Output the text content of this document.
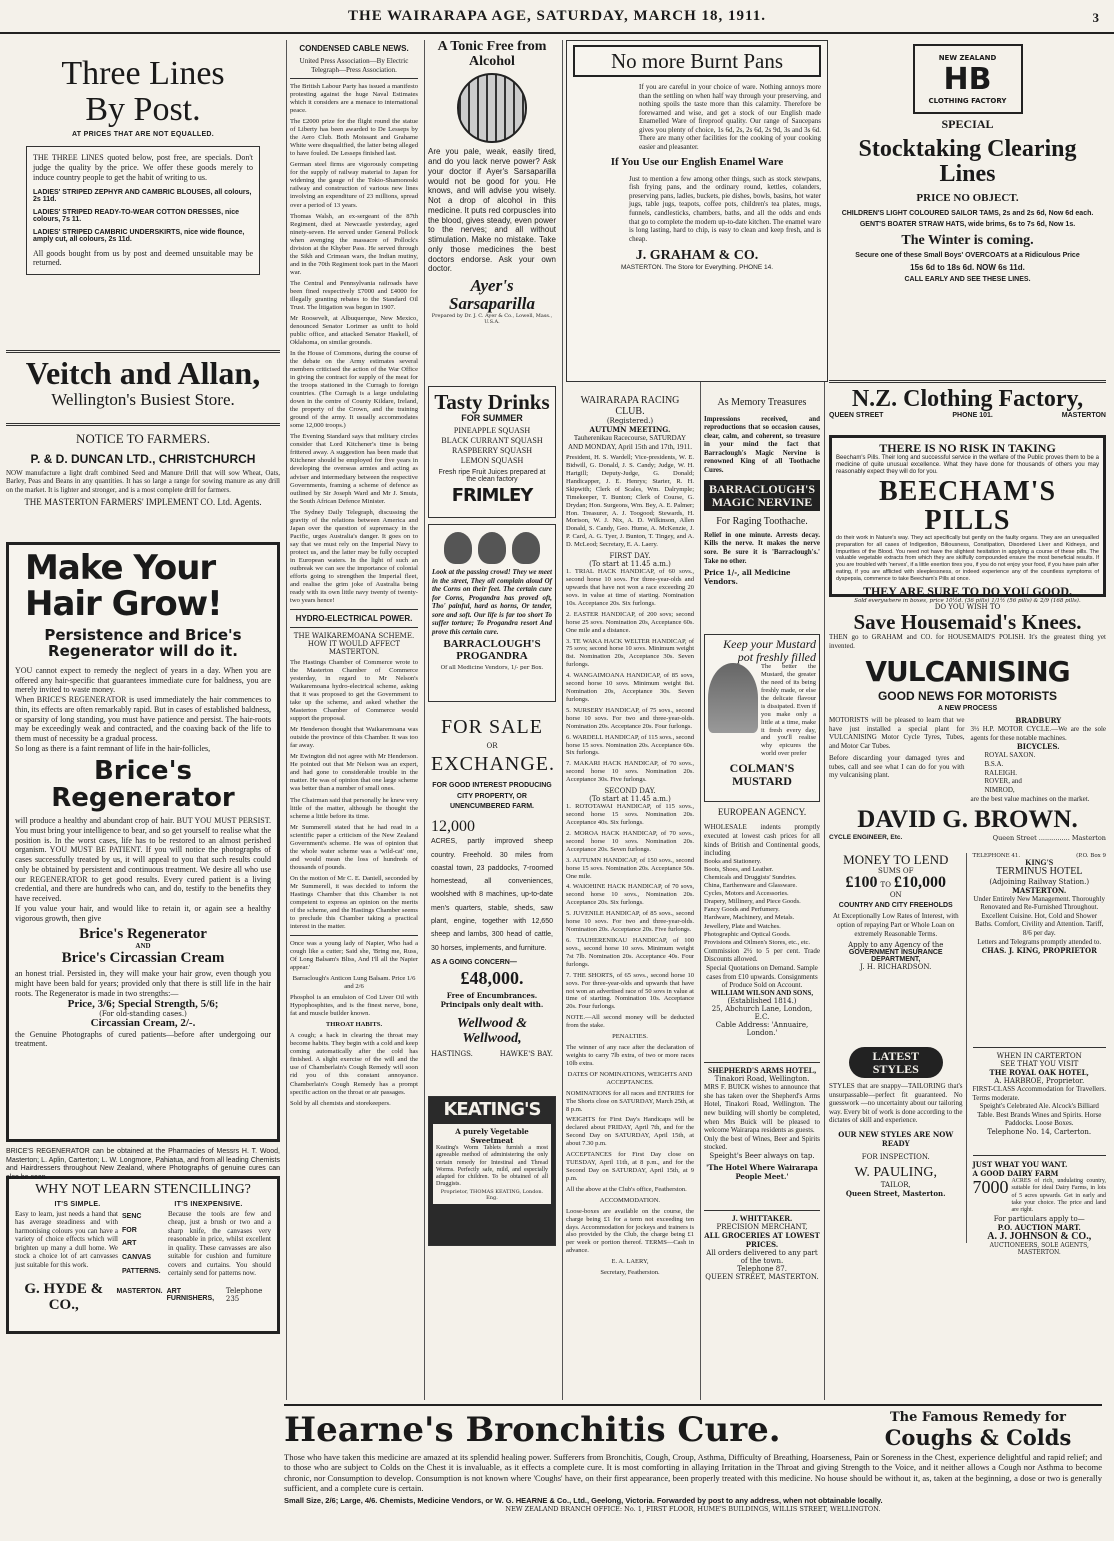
THE WAIRARAPA AGE, SATURDAY, MARCH 18, 1911.	3
Three Lines By Post.
AT PRICES THAT ARE NOT EQUALLED.
THE THREE LINES quoted below, post free, are specials. Don't judge the quality by the price. We offer these goods merely to induce country people to get the habit of writing to us.
LADIES' STRIPED ZEPHYR AND CAMBRIC BLOUSES, all colours, 2s 11d.
LADIES' STRIPED READY-TO-WEAR COTTON DRESSES, nice colours, 7s 11.
LADIES' STRIPED CAMBRIC UNDERSKIRTS, nice wide flounce, amply cut, all colours, 2s 11d.
All goods bought from us by post and deemed unsuitable may be returned.
Veitch and Allan,
Wellington's Busiest Store.
NOTICE TO FARMERS.
P. & D. DUNCAN LTD., CHRISTCHURCH
NOW manufacture a light draft combined Seed and Manure Drill that will sow Wheat, Oats, Barley, Peas and Beans in any quantities. It has so large a range for sowing manure as any drill on the market. It is lighter and stronger, and is a most complete drill for farmers.
THE MASTERTON FARMERS' IMPLEMENT CO. Ltd. Agents.
Make Your Hair Grow!
Persistence and Brice's Regenerator will do it.
YOU cannot expect to remedy the neglect of years in a day. When you are offered any hair-specific that guarantees immediate cure for baldness, you are merely invited to waste money.
When BRICE'S REGENERATOR is used immediately the hair commences to thin, its effects are often remarkably rapid. But in cases of established baldness, or sparsity of long standing, you must have patience and persist. The hair-roots may be exceedingly weak and contracted, and the coaxing back of the life to them must of necessity be a gradual process.
So long as there is a faint remnant of life in the hair-follicles,
Brice's Regenerator
will produce a healthy and abundant crop of hair. BUT YOU MUST PERSIST. You must bring your intelligence to bear, and so get yourself to realise what the position is. In the worst cases, life has to be restored to an almost perished organism. YOU MUST BE PATIENT. If you will notice the photographs of cases successfully treated by us, it will appeal to you that such results could only be obtained by persistent and continuous treatment. We desire all who use our REGENERATOR to get good results. Every cured patient is a living credential, and there are hundreds who can, and do, testify to the benefits they have received.
If you value your hair, and would like to retain it, or again see a healthy vigorous growth, then give
Brice's Regenerator
AND
Brice's Circassian Cream
an honest trial. Persisted in, they will make your hair grow, even though you might have been bald for years; provided only that there is still life in the hair roots. The Regenerator is made in two strengths:—
Price, 3/6; Special Strength, 5/6;
(For old-standing cases.)
Circassian Cream, 2/-.
the Genuine Photographs of cured patients—before after undergoing our treatment.
BRICE'S REGENERATOR can be obtained at the Pharmacies of Messrs H. T. Wood, Masterton; L. Aplin, Carterton; L. W. Longmore, Pahiatua, and from all leading Chemists and Hairdressers throughout New Zealand, where Photographs of genuine cures can also be seen.
WHY NOT LEARN STENCILLING?
IT'S SIMPLE.	IT'S INEXPENSIVE.
Easy to learn, just needs a hand that has average steadiness and with harmonising colours you can have a variety of choice effects which will brighten up many a dull home. We stock a choice lot of art canvasses just suitable for this work.
SENC
FOR
ART
CANVAS
PATTERNS.
Because the tools are few and cheap, just a brush or two and a sharp knife, the canvases very reasonable in price, whilst excellent in quality. These canvasses are also suitable for cushion and furniture covers and curtains. You should certainly send for patterns now.
G. HYDE & CO.,
MASTERTON. ART FURNISHERS,
Telephone 235
CONDENSED CABLE NEWS.
United Press Association—By Electric Telegraph—Press Association.

The British Labour Party has issued a manifesto protesting against the huge Naval Estimates which it considers are a menace to international peace.

The £2000 prize for the flight round the statue of Liberty has been awarded to De Lesseps by the Aero Club. Both Moissant and Grahame White were disqualified, the latter being alleged to have fouled. De Lesseps finished last.

German steel firms are vigorously competing for the supply of railway material to Japan for widening the gauge of the Tokio-Shamonoski railway and construction of various new lines involving an expenditure of 23 millions, spread over a period of 13 years.

Thomas Walsh, an ex-sergeant of the 87th Regiment, died at Newcastle yesterday, aged ninety-seven. He served under General Pollock when avenging the massacre of Pollock's division at the Khyber Pass. He served through the Sikh and Crimean wars, the Indian mutiny, and in the 70th Regiment took part in the Maori war.

The Central and Pennsylvania railroads have been fined respectively £7000 and £4000 for illegally granting rebates to the Standard Oil Trust. The litigation was begun in 1907.

Mr Roosevelt, at Albuquerque, New Mexico, denounced Senator Lorimer as unfit to hold public office, and attacked Senator Haskell, of Oklahoma, on similar grounds.

In the House of Commons, during the course of the debate on the Army estimates several members criticised the action of the War Office in giving the contract for supply of the meat for the troops stationed in the Curragh to foreign countries. (The Curragh is a large undulating down in the centre of County Kildare, Ireland, the property of the Crown, and the training ground of the army. It usually accommodates some 12,000 troops.)

The Evening Standard says that military circles consider that Lord Kitchener's time is being frittered away. A suggestion has been made that Kitchener should be employed for five years in developing the overseas armies and acting as adviser and intermediary between the respective Governments, framing a scheme of defence as outlined by Sir Joseph Ward and Mr J. Smuts, the South African Defence Minister.

The Sydney Daily Telegraph, discussing the gravity of the relations between America and Japan over the question of supremacy in the Pacific, urges Australia's danger. It goes on to say that we must rely on the Imperial Navy to protect us, and the latter may be fully occupied in European waters. In the light of such an outbreak we can see the importance of colonial efforts going to strengthen the Imperial fleet, and realise the grim joke of Australia being ready with its own little navy twenty of twenty-two years hence!

HYDRO-ELECTRICAL POWER.
THE WAIKAREMOANA SCHEME.
HOW IT WOULD AFFECT MASTERTON.

The Hastings Chamber of Commerce wrote to the Masterton Chamber of Commerce yesterday, in regard to Mr Nelson's Waikaremoana hydro-electrical scheme, asking that it was proposed to get the Government to take up the scheme, and asked whether the Masterton Chamber of Commerce would support the proposal.

Mr Henderson thought that Waikaremoana was outside the province of this Chamber. It was too far away.

Mr Ewington did not agree with Mr Henderson. He pointed out that Mr Nelson was an expert, and had gone to considerable trouble in the matter. He was of opinion that one large scheme was better than a number of small ones.

The Chairman said that personally he knew very little of the matter, although he thought the scheme a little before its time.

Mr Summerell stated that he had read in a scientific paper a criticism of the New Zealand Government's scheme. He was of opinion that the whole water scheme was a 'wild-cat' one, and would mean the loss of hundreds of thousands of pounds.

On the motion of Mr C. E. Daniell, seconded by Mr Summerell, it was decided to inform the Hastings Chamber that this Chamber is not competent to express an opinion on the merits of the scheme, and the Hastings Chamber seems to preclude this Chamber taking a practical interest in the matter.

Once was a young lady of Napier, Who had a cough like a cutter; Said she, 'Bring me, Russ, Of Long Balsam's Bliss, And I'll all the Napier appear.'

Barraclough's Anticon Lung Balsam. Price 1/6 and 2/6

Phosphol is an emulsion of Cod Liver Oil with Hypophosphites, and is the finest nerve, bone, fat and muscle builder known.

THROAT HABITS.

A cough; a hack in clearing the throat may become habits. They begin with a cold and keep coming automatically after the cold has finished. A slight exercise of the will and the use of Chamberlain's Cough Remedy will soon rid you of this constant annoyance. Chamberlain's Cough Remedy has a prompt specific action on the throat or air passages.

Sold by all chemists and storekeepers.

A Tonic Free from Alcohol
Are you pale, weak, easily tired, and do you lack nerve power? Ask your doctor if Ayer's Sarsaparilla would not be good for you. He knows, and will advise you wisely. Not a drop of alcohol in this medicine. It puts red corpuscles into the blood, gives steady, even power to the nerves; and all without stimulation. Make no mistake. Take only those medicines the best doctors endorse. Ask your own doctor.
Ayer's Sarsaparilla
Prepared by Dr. J. C. Ayer & Co., Lowell, Mass., U.S.A.
Tasty Drinks
FOR SUMMER
PINEAPPLE SQUASH
BLACK CURRANT SQUASH
RASPBERRY SQUASH
LEMON SQUASH
Fresh ripe Fruit Juices prepared at the clean factory
FRIMLEY
Look at the passing crowd! They we meet in the street, They all complain aloud Of the Corns on their feet. The certain cure for Corns, Progandra has proved oft, Tho' painful, hard as horns, Or tender, sore and soft. Our life is far too short To suffer torture; To Progandra resort And prove this certain cure.
BARRACLOUGH'S PROGANDRA
Of all Medicine Vendors, 1/- per Box.
FOR SALE
OR
EXCHANGE.
FOR GOOD INTEREST PRODUCING CITY PROPERTY, OR UNENCUMBERED FARM.
12,000
ACRES, partly improved sheep country. Freehold. 30 miles from coastal town, 23 paddocks, 7-roomed homestead, all conveniences, woolshed with 8 machines, up-to-date men's quarters, stable, sheds, saw plant, engine, together with 12,650 sheep and lambs, 300 head of cattle, 30 horses, implements, and furniture.
AS A GOING CONCERN—
£48,000.
Free of Encumbrances. Principals only dealt with.
Wellwood & Wellwood,
HASTINGS.	HAWKE'S BAY.
KEATING'S
A purely Vegetable Sweetmeat
Keating's Worm Tablets furnish a most agreeable method of administering the only certain remedy for Intestinal and Thread Worms. Perfectly safe, mild, and especially adapted for children. To be obtained of all Druggists.
Proprietor, THOMAS KEATING, London. Eng.
No more Burnt Pans
If you are careful in your choice of ware. Nothing annoys more than the settling on when half way through your preserving, and nothing spoils the taste more than this calamity. Therefore be forewarned and wise, and get a stock of our English made Enamelled Ware of fireproof quality. Our range of Saucepans gives you plenty of choice, 1s 6d, 2s, 2s 6d, 2s 9d, 3s and 3s 6d. There are many other facilities for the cooking of your cooking easier and pleasanter.
If You Use our English Enamel Ware
Just to mention a few among other things, such as stock stewpans, fish frying pans, and the ordinary round, kettles, colanders, preserving pans, ladles, buckets, pie dishes, bowls, basins, hot water jugs, table jugs, teapots, coffee pots, children's tea plates, mugs, funnels, candlesticks, chambers, baths, and all the odds and ends that go to complete the modern up-to-date kitchen. The enamel ware is long lasting, hard to chip, is easy to clean and keep fresh, and is cheap.
J. GRAHAM & CO.
MASTERTON. The Store for Everything. PHONE 14.
WAIRARAPA RACING CLUB.
(Registered.)
AUTUMN MEETING.
Tauherenikau Racecourse, SATURDAY AND MONDAY, April 15th and 17th, 1911.
President, H. S. Wardell; Vice-presidents, W. E. Bidwill, G. Donald, J. S. Candy; Judge, W. H. Hartgill; Deputy-Judge, G. Donald; Handicapper, J. E. Henrys; Starter, R. H. Skipwith; Clerk of Scales, Wm. Dalrymple; Timekeeper, T. Bunton; Clerk of Course, G. Drydan; Hon. Surgeons, Wm. Bey, A. E. Palmer; Hon. Treasurer, A. J. Toogood; Stewards, H. Morison, W. J. Nix, A. D. Wilkinson, Allen Donald, S. Candy, Geo. Hume, A. McKenzie, J. P. Card, A. G. Tyer, J. Bunton, T. Tingey, and A. D. McLeod; Secretary, E. A. Laery.
FIRST DAY.
(To start at 11.45 a.m.)

1. TRIAL HACK HANDICAP, of 60 sovs., second horse 10 sovs. For three-year-olds and upwards that have not won a race exceeding 20 sovs. in value at time of starting. Nomination 10s. Acceptance 20s. Six furlongs.

2. EASTER HANDICAP, of 200 sovs; second horse 25 sovs. Nomination 20s, Acceptance 60s. One mile and a distance.

3. TE WAKA HACK WELTER HANDICAP, of 75 sovs; second horse 10 sovs. Minimum weight 8st. Nomination 20s, Acceptance 30s. Seven furlongs.

4. WANGAIMOANA HANDICAP, of 85 sovs, second horse 10 sovs. Minimum weight 8st. Nomination 20s, Acceptance 30s. Seven furlongs.

5. NURSERY HANDICAP, of 75 sovs., second horse 10 sovs. For two and three-year-olds. Nomination 20s. Acceptance 20s. Four furlongs.

6. WARDELL HANDICAP, of 115 sovs., second horse 15 sovs. Nomination 20s. Acceptance 60s. Six furlongs.

7. MAKARI HACK HANDICAP, of 70 sovs., second horse 10 sovs. Nomination 20s. Acceptance 30s. Five furlongs.

SECOND DAY.
(To start at 11.45 a.m.)

1. ROTOTAWAI HANDICAP, of 115 sovs., second horse 15 sovs. Nomination 20s. Acceptance 40s. Six furlongs.

2. MOROA HACK HANDICAP, of 70 sovs., second horse 10 sovs. Nomination 20s. Acceptance 20s. Seven furlongs.

3. AUTUMN HANDICAP, of 150 sovs., second horse 15 sovs. Nomination 20s. Acceptance 50s. One mile.

4. WAIOHINE HACK HANDICAP, of 70 sovs, second horse 10 sovs., Nomination 20s. Acceptance 20s. Six furlongs.

5. JUVENILE HANDICAP, of 85 sovs., second horse 10 sovs. For two and three-year-olds. Nomination 20s. Acceptance 20s. Five furlongs.

6. TAUHERENIKAU HANDICAP, of 100 sovs., second horse 10 sovs. Minimum weight 7st 7lb. Nomination 20s. Acceptance 40s. Four furlongs.

7. THE SHORTS, of 65 sovs., second horse 10 sovs. For three-year-olds and upwards that have not won an advertised race of 50 sovs in value at time of starting. Nomination 10s. Acceptance 20s. Four furlongs.

NOTE.—All second money will be deducted from the stake.

PENALTIES.

The winner of any race after the declaration of weights to carry 7lb extra, of two or more races 10lb extra.

DATES OF NOMINATIONS, WEIGHTS AND ACCEPTANCES.

NOMINATIONS for all races and ENTRIES for The Shorts close on SATURDAY, March 25th, at 8 p.m.

WEIGHTS for First Day's Handicaps will be declared about FRIDAY, April 7th, and for the Second Day on SATURDAY, April 15th, at about 7.30 p.m.

ACCEPTANCES for First Day close on TUESDAY, April 11th, at 8 p.m., and for the Second Day on SATURDAY, April 15th, at 9 p.m.

All the above at the Club's office, Featherston.

ACCOMMODATION.

Loose-boxes are available on the course, the charge being £1 for a term not exceeding ten days. Accommodation for jockeys and trainers is also provided by the Club, the charge being £1 per week or portion thereof. TERMS—Cash in advance.

E. A. LAERY,

Secretary, Featherston.

As Memory Treasures
Impressions received, and reproductions that so occasion causes, clear, calm, and coherent, so treasure in your mind the fact that Barraclough's Magic Nervine is renowned King of all Toothache Cures.
BARRACLOUGH'S MAGIC NERVINE
For Raging Toothache.
Relief in one minute. Arrests decay. Kills the nerve. It makes the nerve sore. Be sure it is 'Barraclough's.' Take no other.
Price 1/-, all Medicine Vendors.
Keep your Mustard pot freshly filled
The better the Mustard, the greater the need of its being freshly made, or else the delicate flavour is dissipated. Even if you make only a little at a time, make it fresh every day, and you'll realise why epicures the world over prefer
COLMAN'S MUSTARD
EUROPEAN AGENCY.
WHOLESALE indents promptly executed at lowest cash prices for all kinds of British and Continental goods, including
Books and Stationery.
Boots, Shoes, and Leather.
Chemicals and Druggists' Sundries.
China, Earthenware and Glassware.
Cycles, Motors and Accessories.
Drapery, Millinery, and Piece Goods.
Fancy Goods and Perfumery.
Hardware, Machinery, and Metals.
Jewellery, Plate and Watches.
Photographic and Optical Goods.
Provisions and Oilmen's Stores, etc., etc.
Commission 2½ to 5 per cent. Trade Discounts allowed.
Special Quotations on Demand. Sample cases from £10 upwards. Consignments of Produce Sold on Account.
WILLIAM WILSON AND SONS,
(Established 1814.)
25, Abchurch Lane, London, E.C.
Cable Address: 'Annuaire, London.'
SHEPHERD'S ARMS HOTEL,
Tinakori Road, Wellington.
MRS F. BUICK wishes to announce that she has taken over the Shepherd's Arms Hotel, Tinakori Road, Wellington. The new building will shortly be completed, when Mrs Buick will be pleased to welcome Wairarapa residents as guests.
Only the best of Wines, Beer and Spirits stocked.
Speight's Beer always on tap.
'The Hotel Where Wairarapa People Meet.'
J. WHITTAKER.
PRECISION MERCHANT,
ALL GROCERIES AT LOWEST PRICES.
All orders delivered to any part of the town.
Telephone 87.
QUEEN STREET, MASTERTON.
NEW ZEALAND
HB
CLOTHING FACTORY
SPECIAL
Stocktaking Clearing Lines
PRICE NO OBJECT.
CHILDREN'S LIGHT COLOURED SAILOR TAMS, 2s and 2s 6d, Now 6d each.
GENT'S BOATER STRAW HATS, wide brims, 6s to 7s 6d, Now 1s.
The Winter is coming.
Secure one of these Small Boys' OVERCOATS at a Ridiculous Price
15s 6d to 18s 6d. NOW 6s 11d.
CALL EARLY AND SEE THESE LINES.
N.Z. Clothing Factory,
QUEEN STREET	PHONE 101.	MASTERTON
THERE IS NO RISK IN TAKING
Beecham's Pills. Their long and successful service in the welfare of the Public proves them to be a medicine of quite unusual excellence. What they have done for thousands of others you may reasonably expect they will do for you.
BEECHAM'S PILLS
do their work in Nature's way. They act specifically but gently on the faulty organs. They are an unequalled preparation for all cases of Indigestion, Biliousness, Constipation, Disordered Liver and Kidneys, and Impurities of the Blood. You need not have the slightest hesitation in applying a course of these pills. The valuable vegetable extracts from which they are skilfully compounded ensure the most beneficial results. If you are troubled with 'nerves', if a little exertion tires you, if you do not enjoy your food, if you have pain after eating, if you are afflicted with sleeplessness, or indeed experience any of the countless symptoms of dyspepsia, commence to take Beecham's Pills at once.
THEY ARE SURE TO DO YOU GOOD.
Sold everywhere in boxes, price 10½d. (36 pills) 1/1½ (56 pills) & 2/9 (168 pills).
DO YOU WISH TO
Save Housemaid's Knees.
THEN go to GRAHAM and CO. for HOUSEMAID'S POLISH. It's the greatest thing yet invented.
VULCANISING
GOOD NEWS FOR MOTORISTS
A NEW PROCESS
MOTORISTS will be pleased to learn that we have just installed a special plant for VULCANISING Motor Cycle Tyres, Tubes, and Motor Car Tubes.
Before discarding your damaged tyres and tubes, call and see what I can do for you with my vulcanising plant.
BRADBURY
3½ H.P. MOTOR CYCLE.—We are the sole agents for these notable machines.
BICYCLES.
ROYAL SAXON.
B.S.A.
RALEIGH.
ROVER, and
NIMROD,
are the best value machines on the market.
DAVID G. BROWN.
CYCLE ENGINEER, Etc.	Queen Street ............... Masterton
MONEY TO LEND
SUMS OF
£100 TO £10,000
ON
COUNTRY AND CITY FREEHOLDS
At Exceptionally Low Rates of Interest, with option of repaying Part or Whole Loan on extremely Reasonable Terms.
Apply to any Agency of the
GOVERNMENT INSURANCE DEPARTMENT,
J. H. RICHARDSON.
TELEPHONE 41.	(P.O. Box 9
KING'S
TERMINUS HOTEL
(Adjoining Railway Station.)
MASTERTON.
Under Entirely New Management. Thoroughly Renovated and Re-Furnished Throughout. Excellent Cuisine. Hot, Cold and Shower Baths. Comfort, Civility and Attention. Tariff, 8/6 per day.
Letters and Telegrams promptly attended to.
CHAS. J. KING, PROPRIETOR
LATEST STYLES
STYLES that are snappy—TAILORING that's unsurpassable—perfect fit guaranteed. No guesswork —no uncertainty about our tailoring way. Every bit of work is done according to the dictates of skill and experience.
OUR NEW STYLES ARE NOW READY
FOR INSPECTION.
W. PAULING,
TAILOR,
Queen Street, Masterton.
WHEN IN CARTERTON
SEE THAT YOU VISIT
THE ROYAL OAK HOTEL,
A. HARBROE, Proprietor.
FIRST-CLASS Accommodation for Travellers. Terms moderate.
Speight's Celebrated Ale. Alcock's Billiard Table. Best Brands Wines and Spirits. Horse Paddocks. Loose Boxes.
Telephone No. 14, Carterton.
JUST WHAT YOU WANT.
A GOOD DAIRY FARM
7000 ACRES of rich, undulating country, suitable for ideal Dairy Farms, in lots of 5 acres upwards. Get in early and take your choice. The price and land are right.
For particulars apply to—
P.O. AUCTION MART.
A. J. JOHNSON & CO.,
AUCTIONEERS, SOLE AGENTS,
MASTERTON.
Hearne's Bronchitis Cure.	The Famous Remedy for
Coughs & Colds
Those who have taken this medicine are amazed at its splendid healing power. Sufferers from Bronchitis, Cough, Croup, Asthma, Difficulty of Breathing, Hoarseness, Pain or Soreness in the Chest, experience delightful and rapid relief; and to those who are subject to Colds on the Chest it is invaluable, as it effects a complete cure. It is most comforting in allaying Irritation in the Throat and giving Strength to the Voice, and it neither allows a Cough nor Asthma to become chronic, nor Consumption to develop. Consumption is not known where 'Coughs' have, on their first appearance, been properly treated with this medicine. No house should be without it, as, taken at the beginning, a dose or two is generally sufficient, and a complete cure is certain.
Small Size, 2/6; Large, 4/6. Chemists, Medicine Vendors, or W. G. HEARNE & Co., Ltd., Geelong, Victoria. Forwarded by post to any address, when not obtainable locally.
NEW ZEALAND BRANCH OFFICE: No. 1, FIRST FLOOR, HUME'S BUILDINGS, WILLIS STREET, WELLINGTON.
